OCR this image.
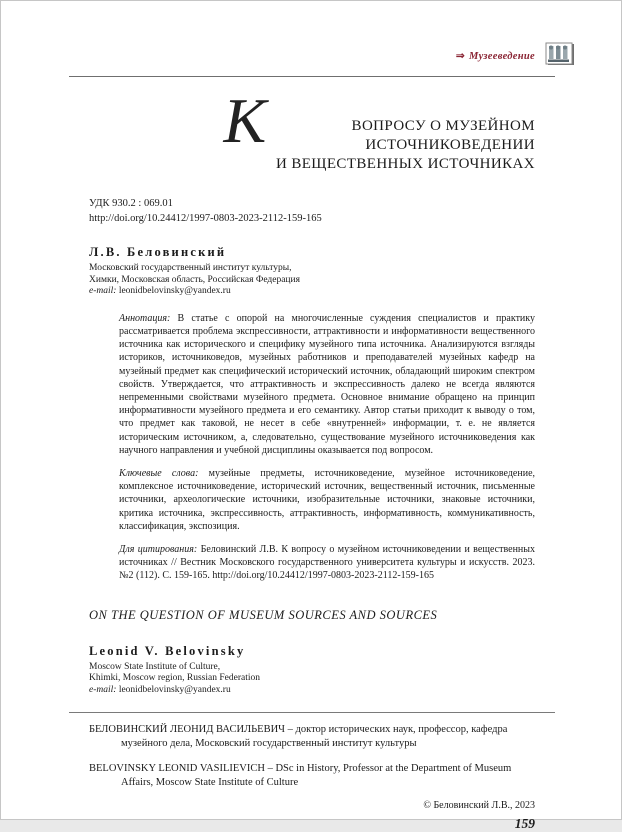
⇒ Музееведение
К	ВОПРОСУ О МУЗЕЙНОМ
ИСТОЧНИКОВЕДЕНИИ
И ВЕЩЕСТВЕННЫХ ИСТОЧНИКАХ
УДК 930.2 : 069.01
http://doi.org/10.24412/1997-0803-2023-2112-159-165
Л.В. Беловинский
Московский государственный институт культуры,
Химки, Московская область, Российская Федерация
e-mail: leonidbelovinsky@yandex.ru

Аннотация: В статье с опорой на многочисленные суждения специалистов и практику рассматривается проблема экспрессивности, аттрактивности и информативности вещественного источника как исторического и специфику музейного типа источника. Анализируются взгляды историков, источниковедов, музейных работников и преподавателей музейных кафедр на музейный предмет как специфический исторический источник, обладающий широким спектром свойств. Утверждается, что аттрактивность и экспрессивность далеко не всегда являются непременными свойствами музейного предмета. Основное внимание обращено на принцип информативности музейного предмета и его семантику. Автор статьи приходит к выводу о том, что предмет как таковой, не несет в себе «внутренней» информации, т. е. не является историческим источником, а, следовательно, существование музейного источниковедения как научного направления и учебной дисциплины оказывается под вопросом.

Ключевые слова: музейные предметы, источниковедение, музейное источниковедение, комплексное источниковедение, исторический источник, вещественный источник, письменные источники, археологические источники, изобразительные источники, знаковые источники, критика источника, экспрессивность, аттрактивность, информативность, коммуникативность, классификация, экспозиция.

Для цитирования: Беловинский Л.В. К вопросу о музейном источниковедении и вещественных источниках // Вестник Московского государственного университета культуры и искусств. 2023. №2 (112). С. 159-165. http://doi.org/10.24412/1997-0803-2023-2112-159-165

ON THE QUESTION OF MUSEUM SOURCES AND SOURCES
Leonid V. Belovinsky
Moscow State Institute of Culture,
Khimki, Moscow region, Russian Federation
e-mail: leonidbelovinsky@yandex.ru

БЕЛОВИНСКИЙ ЛЕОНИД ВАСИЛЬЕВИЧ – доктор исторических наук, профессор, кафедра музейного дела, Московский государственный институт культуры

BELOVINSKY LEONID VASILIEVICH – DSc in History, Professor at the Department of Museum Affairs, Moscow State Institute of Culture

© Беловинский Л.В., 2023
159
